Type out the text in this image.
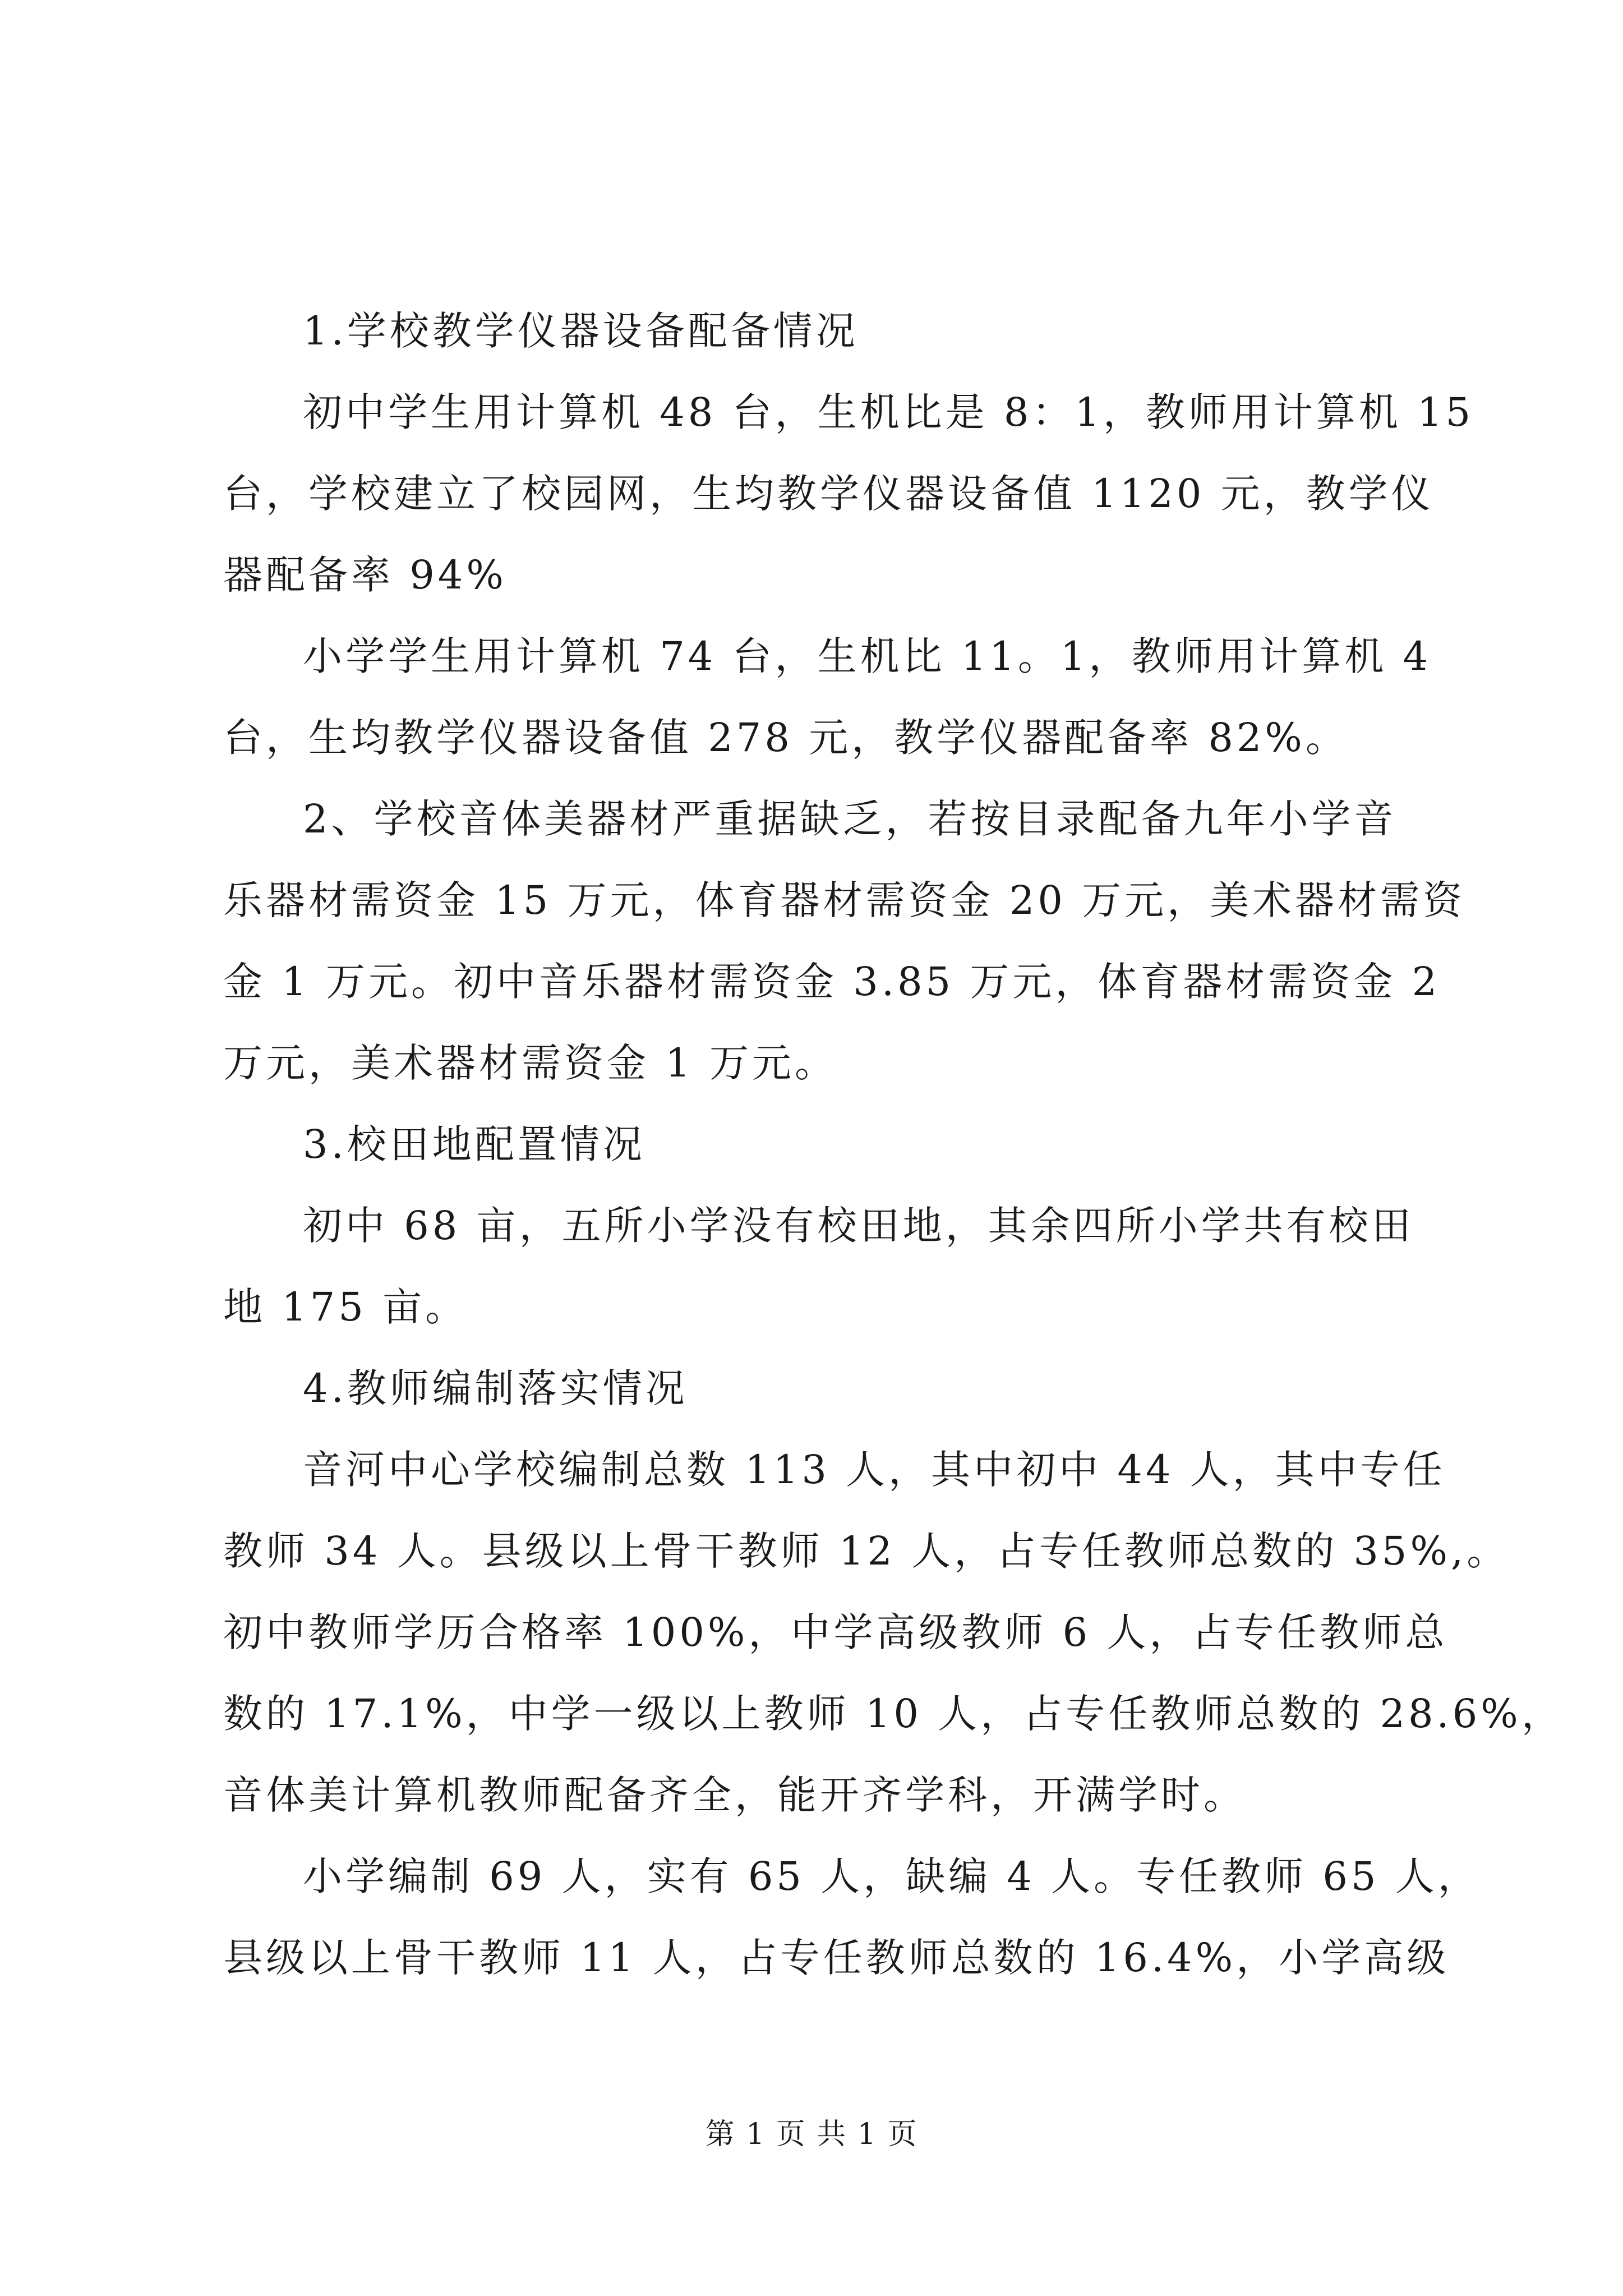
1.学校教学仪器设备配备情况

初中学生用计算机 48 台，生机比是 8：1，教师用计算机 15

台，学校建立了校园网，生均教学仪器设备值 1120 元，教学仪

器配备率 94%

小学学生用计算机 74 台，生机比 11。1，教师用计算机 4

台，生均教学仪器设备值 278 元，教学仪器配备率 82%。

2、学校音体美器材严重据缺乏，若按目录配备九年小学音

乐器材需资金 15 万元，体育器材需资金 20 万元，美术器材需资

金 1 万元。初中音乐器材需资金 3.85 万元，体育器材需资金 2

万元，美术器材需资金 1 万元。

3.校田地配置情况

初中 68 亩，五所小学没有校田地，其余四所小学共有校田

地 175 亩。

4.教师编制落实情况

音河中心学校编制总数 113 人，其中初中 44 人，其中专任

教师 34 人。县级以上骨干教师 12 人，占专任教师总数的 35%,。

初中教师学历合格率 100%，中学高级教师 6 人，占专任教师总

数的 17.1%，中学一级以上教师 10 人，占专任教师总数的 28.6%，

音体美计算机教师配备齐全，能开齐学科，开满学时。

小学编制 69 人，实有 65 人，缺编 4 人。专任教师 65 人，

县级以上骨干教师 11 人，占专任教师总数的 16.4%，小学高级

第 1 页 共 1 页
